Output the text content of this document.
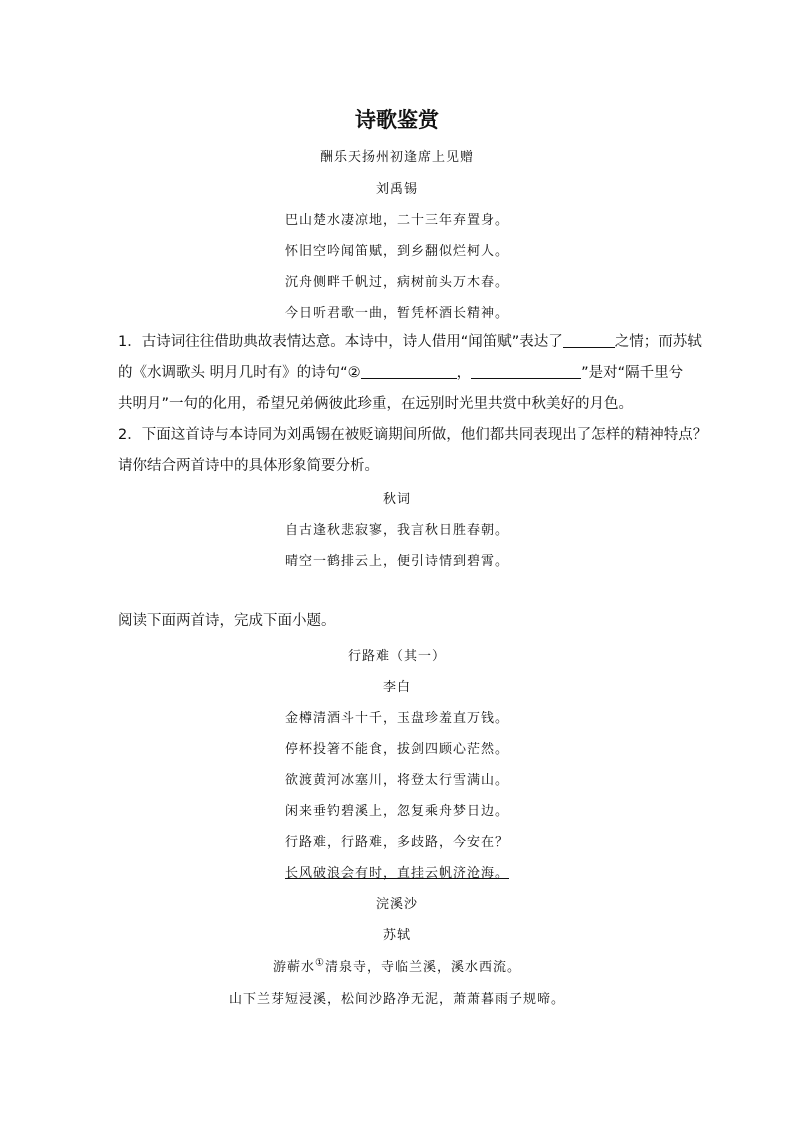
诗歌鉴赏
酬乐天扬州初逢席上见赠
刘禹锡
巴山楚水凄凉地，二十三年弃置身。
怀旧空吟闻笛赋，到乡翻似烂柯人。
沉舟侧畔千帆过，病树前头万木春。
今日听君歌一曲，暂凭杯酒长精神。
1．古诗词往往借助典故表情达意。本诗中，诗人借用“闻笛赋”表达了	之情；而苏轼
的《水调歌头 明月几时有》的诗句“②	，	”是对“隔千里兮
共明月”一句的化用，希望兄弟俩彼此珍重，在远别时光里共赏中秋美好的月色。
2．下面这首诗与本诗同为刘禹锡在被贬谪期间所做，他们都共同表现出了怎样的精神特点？
请你结合两首诗中的具体形象简要分析。
秋词
自古逢秋悲寂寥，我言秋日胜春朝。
晴空一鹤排云上，便引诗情到碧霄。
阅读下面两首诗，完成下面小题。
行路难（其一）
李白
金樽清酒斗十千，玉盘珍羞直万钱。
停杯投箸不能食，拔剑四顾心茫然。
欲渡黄河冰塞川，将登太行雪满山。
闲来垂钓碧溪上，忽复乘舟梦日边。
行路难，行路难，多歧路，今安在？
长风破浪会有时，直挂云帆济沧海。
浣溪沙
苏轼
游蕲水①清泉寺，寺临兰溪，溪水西流。
山下兰芽短浸溪，松间沙路净无泥，萧萧暮雨子规啼。
